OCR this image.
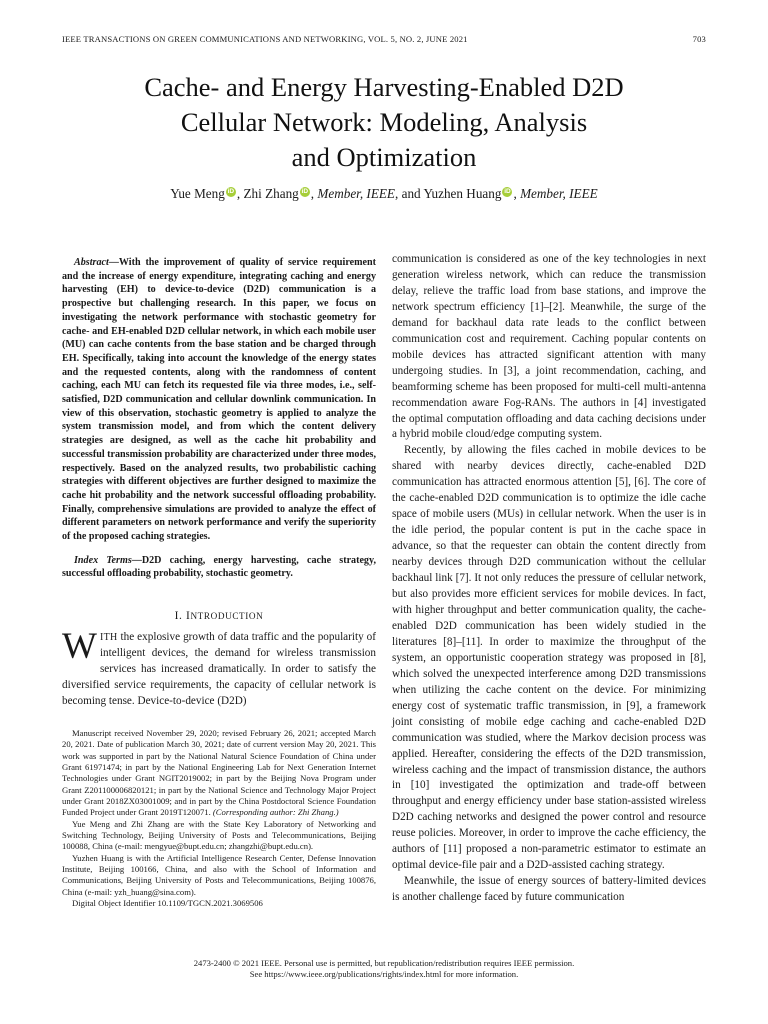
IEEE TRANSACTIONS ON GREEN COMMUNICATIONS AND NETWORKING, VOL. 5, NO. 2, JUNE 2021	703
Cache- and Energy Harvesting-Enabled D2D
Cellular Network: Modeling, Analysis
and Optimization
Yue Meng iD , Zhi Zhang iD , Member, IEEE, and Yuzhen Huang iD , Member, IEEE

Abstract—With the improvement of quality of service requirement and the increase of energy expenditure, integrating caching and energy harvesting (EH) to device-to-device (D2D) communication is a prospective but challenging research. In this paper, we focus on investigating the network performance with stochastic geometry for cache- and EH-enabled D2D cellular network, in which each mobile user (MU) can cache contents from the base station and be charged through EH. Specifically, taking into account the knowledge of the energy states and the requested contents, along with the randomness of content caching, each MU can fetch its requested file via three modes, i.e., self-satisfied, D2D communication and cellular downlink communication. In view of this observation, stochastic geometry is applied to analyze the system transmission model, and from which the content delivery strategies are designed, as well as the cache hit probability and successful transmission probability are characterized under three modes, respectively. Based on the analyzed results, two probabilistic caching strategies with different objectives are further designed to maximize the cache hit probability and the network successful offloading probability. Finally, comprehensive simulations are provided to analyze the effect of different parameters on network performance and verify the superiority of the proposed caching strategies.

Index Terms—D2D caching, energy harvesting, cache strategy, successful offloading probability, stochastic geometry.

I. INTRODUCTION

WITH the explosive growth of data traffic and the popularity of intelligent devices, the demand for wireless transmission services has increased dramatically. In order to satisfy the diversified service requirements, the capacity of cellular network is becoming tense. Device-to-device (D2D)

Manuscript received November 29, 2020; revised February 26, 2021; accepted March 20, 2021. Date of publication March 30, 2021; date of current version May 20, 2021. This work was supported in part by the National Natural Science Foundation of China under Grant 61971474; in part by the National Engineering Lab for Next Generation Internet Technologies under Grant NGIT2019002; in part by the Beijing Nova Program under Grant Z201100006820121; in part by the National Science and Technology Major Project under Grant 2018ZX03001009; and in part by the China Postdoctoral Science Foundation Funded Project under Grant 2019T120071. (Corresponding author: Zhi Zhang.)

Yue Meng and Zhi Zhang are with the State Key Laboratory of Networking and Switching Technology, Beijing University of Posts and Telecommunications, Beijing 100088, China (e-mail: mengyue@bupt.edu.cn; zhangzhi@bupt.edu.cn).

Yuzhen Huang is with the Artificial Intelligence Research Center, Defense Innovation Institute, Beijing 100166, China, and also with the School of Information and Communications, Beijing University of Posts and Telecommunications, Beijing 100876, China (e-mail: yzh_huang@sina.com).

Digital Object Identifier 10.1109/TGCN.2021.3069506

communication is considered as one of the key technologies in next generation wireless network, which can reduce the transmission delay, relieve the traffic load from base stations, and improve the network spectrum efficiency [1]–[2]. Meanwhile, the surge of the demand for backhaul data rate leads to the conflict between communication cost and requirement. Caching popular contents on mobile devices has attracted significant attention with many undergoing studies. In [3], a joint recommendation, caching, and beamforming scheme has been proposed for multi-cell multi-antenna recommendation aware Fog-RANs. The authors in [4] investigated the optimal computation offloading and data caching decisions under a hybrid mobile cloud/edge computing system.

Recently, by allowing the files cached in mobile devices to be shared with nearby devices directly, cache-enabled D2D communication has attracted enormous attention [5], [6]. The core of the cache-enabled D2D communication is to optimize the idle cache space of mobile users (MUs) in cellular network. When the user is in the idle period, the popular content is put in the cache space in advance, so that the requester can obtain the content directly from nearby devices through D2D communication without the cellular backhaul link [7]. It not only reduces the pressure of cellular network, but also provides more efficient services for mobile devices. In fact, with higher throughput and better communication quality, the cache-enabled D2D communication has been widely studied in the literatures [8]–[11]. In order to maximize the throughput of the system, an opportunistic cooperation strategy was proposed in [8], which solved the unexpected interference among D2D transmissions when utilizing the cache content on the device. For minimizing energy cost of systematic traffic transmission, in [9], a framework joint consisting of mobile edge caching and cache-enabled D2D communication was studied, where the Markov decision process was applied. Hereafter, considering the effects of the D2D transmission, wireless caching and the impact of transmission distance, the authors in [10] investigated the optimization and trade-off between throughput and energy efficiency under base station-assisted wireless D2D caching networks and designed the power control and resource reuse policies. Moreover, in order to improve the cache efficiency, the authors of [11] proposed a non-parametric estimator to estimate an optimal device-file pair and a D2D-assisted caching strategy.

Meanwhile, the issue of energy sources of battery-limited devices is another challenge faced by future communication

2473-2400 © 2021 IEEE. Personal use is permitted, but republication/redistribution requires IEEE permission.
See https://www.ieee.org/publications/rights/index.html for more information.
